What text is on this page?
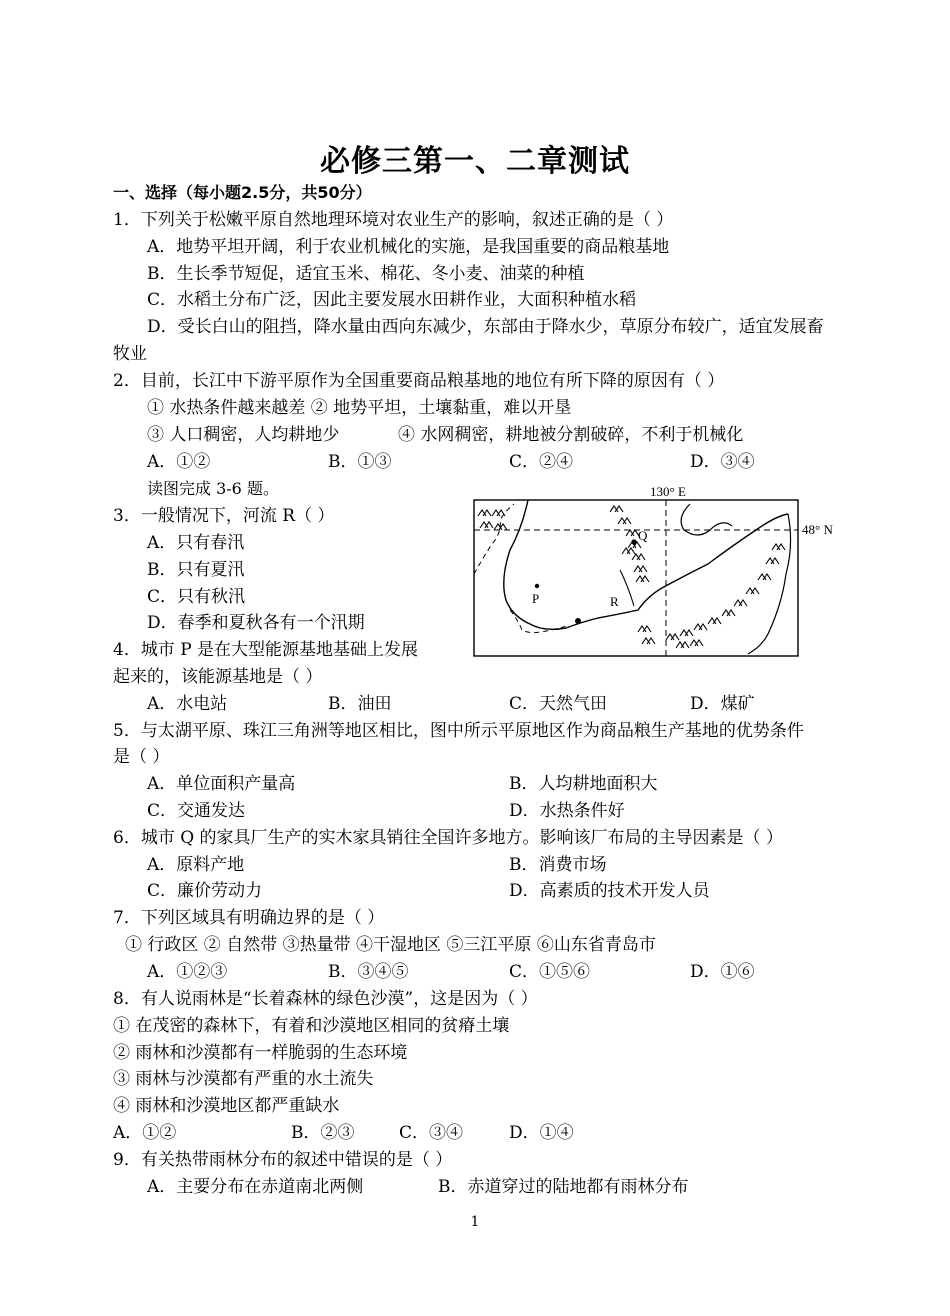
必修三第一、二章测试
一、选择（每小题2.5分，共50分）
1．下列关于松嫩平原自然地理环境对农业生产的影响，叙述正确的是（ ）
A．地势平坦开阔，利于农业机械化的实施，是我国重要的商品粮基地
B．生长季节短促，适宜玉米、棉花、冬小麦、油菜的种植
C．水稻土分布广泛，因此主要发展水田耕作业，大面积种植水稻
D．受长白山的阻挡，降水量由西向东减少，东部由于降水少，草原分布较广，适宜发展畜
牧业
2．目前，长江中下游平原作为全国重要商品粮基地的地位有所下降的原因有（ ）
① 水热条件越来越差 ② 地势平坦，土壤黏重，难以开垦
③ 人口稠密，人均耕地少	④ 水网稠密，耕地被分割破碎，不利于机械化
A．①②	B．①③	C．②④	D．③④
读图完成 3-6 题。
3．一般情况下，河流 R（ ）
A．只有春汛
B．只有夏汛
C．只有秋汛
D．春季和夏秋各有一个汛期
4．城市 P 是在大型能源基地基础上发展
起来的，该能源基地是（ ）
A．水电站	B．油田	C．天然气田	D．煤矿
5．与太湖平原、珠江三角洲等地区相比，图中所示平原地区作为商品粮生产基地的优势条件
是（ ）
A．单位面积产量高	B．人均耕地面积大
C．交通发达	D．水热条件好
6．城市 Q 的家具厂生产的实木家具销往全国许多地方。影响该厂布局的主导因素是（ ）
A．原料产地	B．消费市场
C．廉价劳动力	D．高素质的技术开发人员
7．下列区域具有明确边界的是（ ）
① 行政区 ② 自然带 ③热量带 ④干湿地区 ⑤三江平原 ⑥山东省青岛市
A．①②③	B．③④⑤	C．①⑤⑥	D．①⑥
8．有人说雨林是“长着森林的绿色沙漠”，这是因为（ ）
① 在茂密的森林下，有着和沙漠地区相同的贫瘠土壤
② 雨林和沙漠都有一样脆弱的生态环境
③ 雨林与沙漠都有严重的水土流失
④ 雨林和沙漠地区都严重缺水
A．①②	B．②③	C．③④	D．①④
9．有关热带雨林分布的叙述中错误的是（ ）
A．主要分布在赤道南北两侧	B．赤道穿过的陆地都有雨林分布
1
130° E
48° N
P
Q
R
